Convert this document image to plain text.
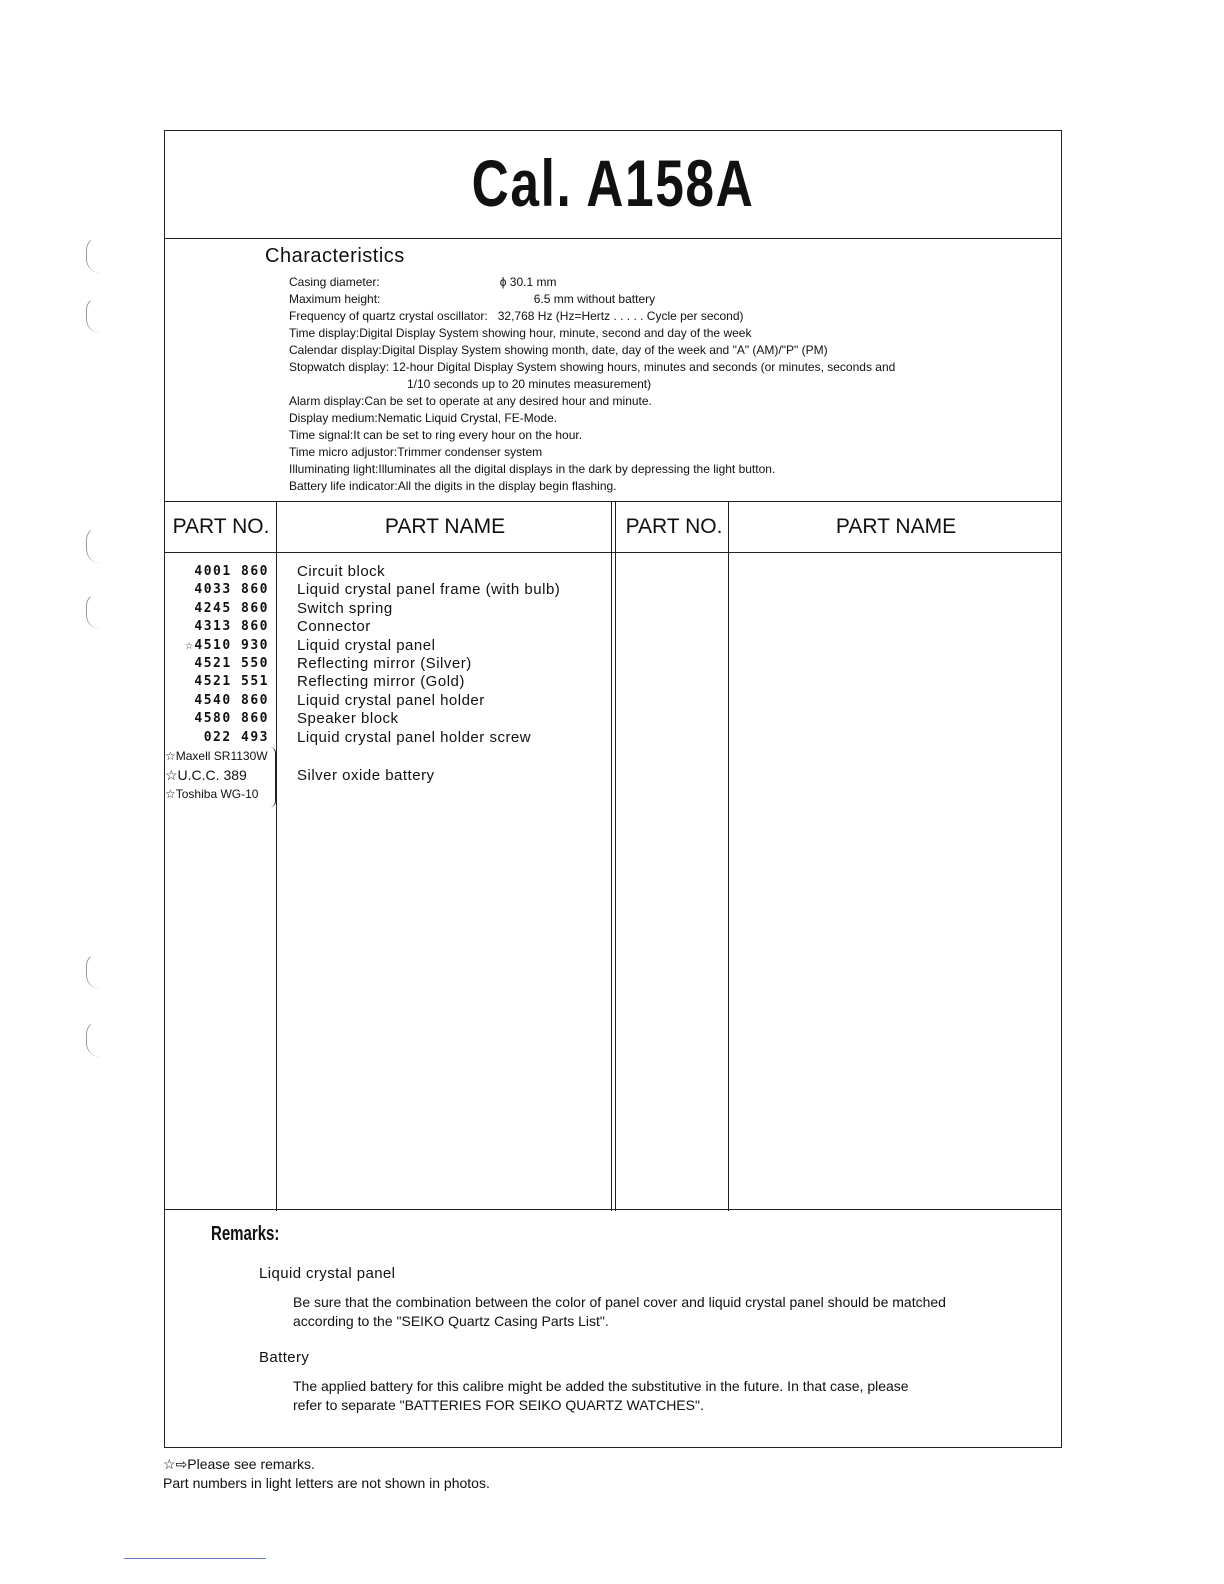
Cal. A158A
Characteristics
Casing diameter:                                    ϕ 30.1 mm
Maximum height:                                              6.5 mm without battery
Frequency of quartz crystal oscillator:   32,768 Hz (Hz=Hertz . . . . . Cycle per second)
Time display:Digital Display System showing hour, minute, second and day of the week
Calendar display:Digital Display System showing month, date, day of the week and "A" (AM)/"P" (PM)
Stopwatch display: 12-hour Digital Display System showing hours, minutes and seconds (or minutes, seconds and
1/10 seconds up to 20 minutes measurement)
Alarm display:Can be set to operate at any desired hour and minute.
Display medium:Nematic Liquid Crystal, FE-Mode.
Time signal:It can be set to ring every hour on the hour.
Time micro adjustor:Trimmer condenser system
Illuminating light:Illuminates all the digital displays in the dark by depressing the light button.
Battery life indicator:All the digits in the display begin flashing.
PART NO.	PART NAME	PART NO.	PART NAME
4001 860 Circuit block
4033 860 Liquid crystal panel frame (with bulb)
4245 860 Switch spring
4313 860 Connector
☆4510 930 Liquid crystal panel
4521 550 Reflecting mirror (Silver)
4521 551 Reflecting mirror (Gold)
4540 860 Liquid crystal panel holder
4580 860 Speaker block
022 493 Liquid crystal panel holder screw
☆Maxell SR1130W
☆U.C.C. 389	Silver oxide battery
☆Toshiba WG-10
Remarks:
Liquid crystal panel
Be sure that the combination between the color of panel cover and liquid crystal panel should be matched
according to the "SEIKO Quartz Casing Parts List".
Battery
The applied battery for this calibre might be added the substitutive in the future. In that case, please
refer to separate "BATTERIES FOR SEIKO QUARTZ WATCHES".
☆⇨Please see remarks.
Part numbers in light letters are not shown in photos.
